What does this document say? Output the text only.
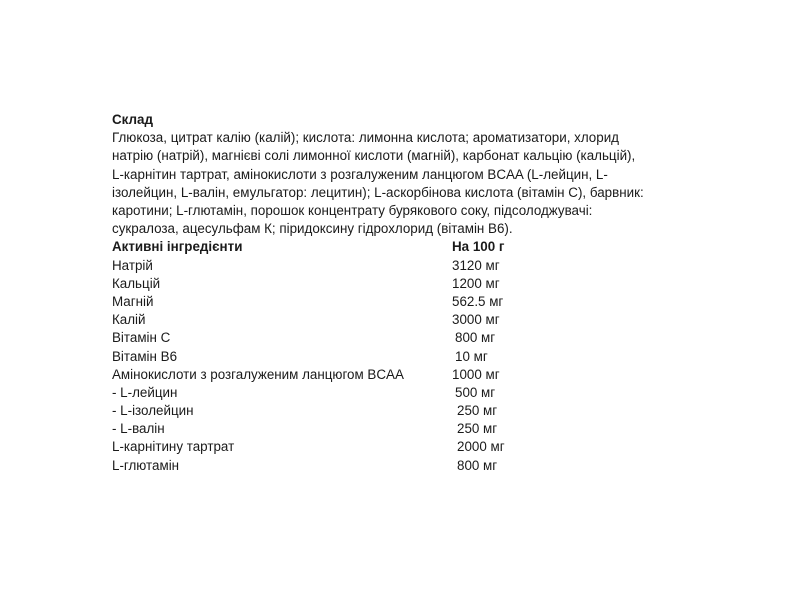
Склад
Глюкоза, цитрат калію (калій); кислота: лимонна кислота; ароматизатори, хлорид
натрію (натрій), магнієві солі лимонної кислоти (магній), карбонат кальцію (кальцій),
L-карнітин тартрат, амінокислоти з розгалуженим ланцюгом BCAA (L-лейцин, L-
ізолейцин, L-валін, емульгатор: лецитин); L-аскорбінова кислота (вітамін С), барвник:
каротини; L-глютамін, порошок концентрату бурякового соку, підсолоджувачі:
сукралоза, ацесульфам К; піридоксину гідрохлорид (вітамін В6).
Активні інгредієнти	На 100 г
Натрій	3120 мг
Кальцій	1200 мг
Магній	562.5 мг
Калій	3000 мг
Вітамін С	800 мг
Вітамін В6	10 мг
Амінокислоти з розгалуженим ланцюгом BCAA	1000 мг
- L-лейцин	500 мг
- L-ізолейцин	250 мг
- L-валін	250 мг
L-карнітину тартрат	2000 мг
L-глютамін	800 мг
